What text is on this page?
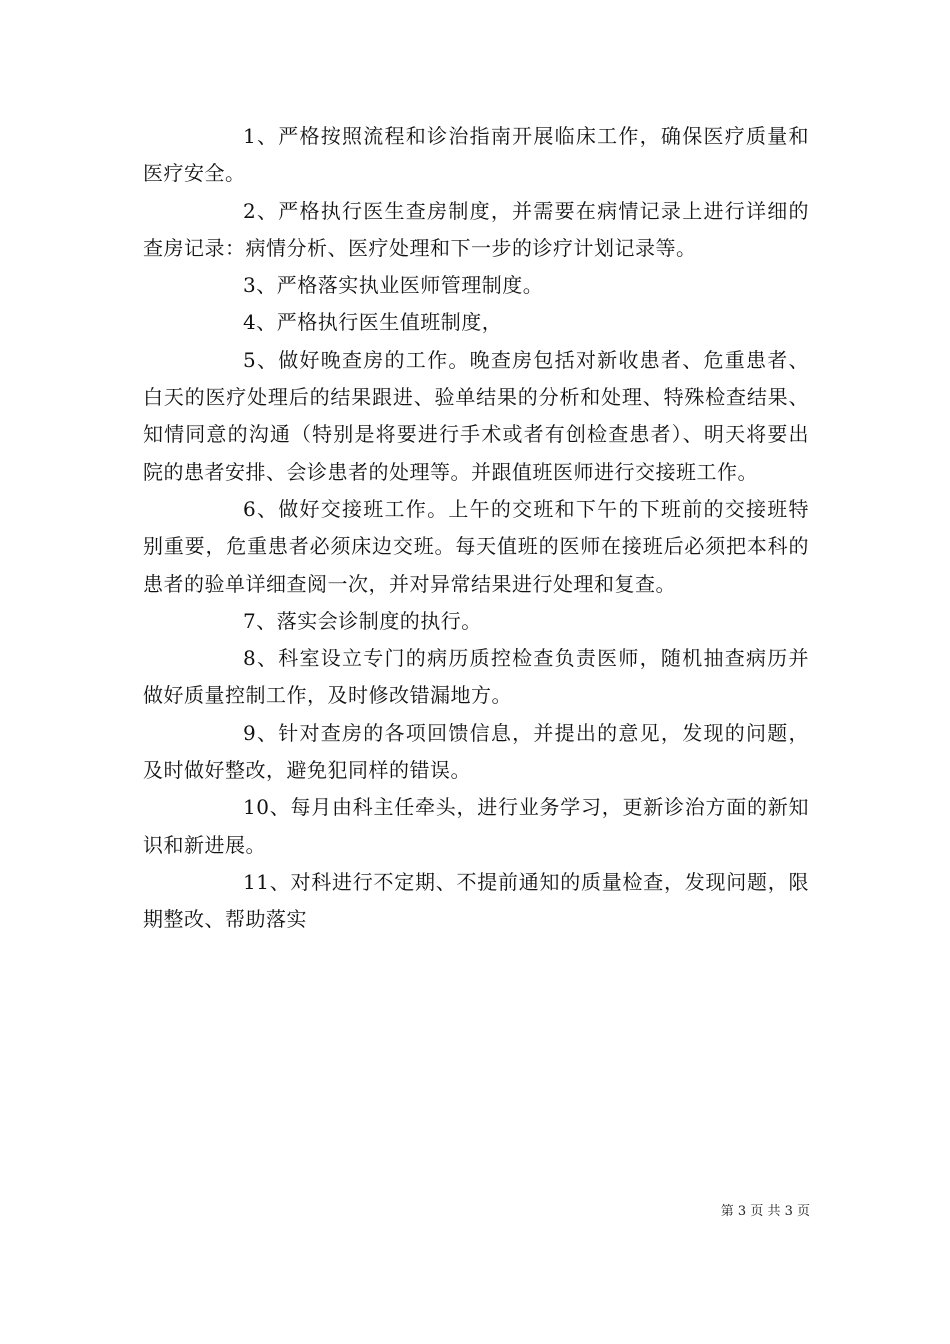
1、严格按照流程和诊治指南开展临床工作，确保医疗质量和医疗安全。

2、严格执行医生查房制度，并需要在病情记录上进行详细的查房记录：病情分析、医疗处理和下一步的诊疗计划记录等。

3、严格落实执业医师管理制度。

4、严格执行医生值班制度，

5、做好晚查房的工作。晚查房包括对新收患者、危重患者、白天的医疗处理后的结果跟进、验单结果的分析和处理、特殊检查结果、知情同意的沟通（特别是将要进行手术或者有创检查患者）、明天将要出院的患者安排、会诊患者的处理等。并跟值班医师进行交接班工作。

6、做好交接班工作。上午的交班和下午的下班前的交接班特别重要，危重患者必须床边交班。每天值班的医师在接班后必须把本科的患者的验单详细查阅一次，并对异常结果进行处理和复查。

7、落实会诊制度的执行。

8、科室设立专门的病历质控检查负责医师，随机抽查病历并做好质量控制工作，及时修改错漏地方。

9、针对查房的各项回馈信息，并提出的意见，发现的问题，及时做好整改，避免犯同样的错误。

10、每月由科主任牵头，进行业务学习，更新诊治方面的新知识和新进展。

11、对科进行不定期、不提前通知的质量检查，发现问题，限期整改、帮助落实

第 3 页 共 3 页
